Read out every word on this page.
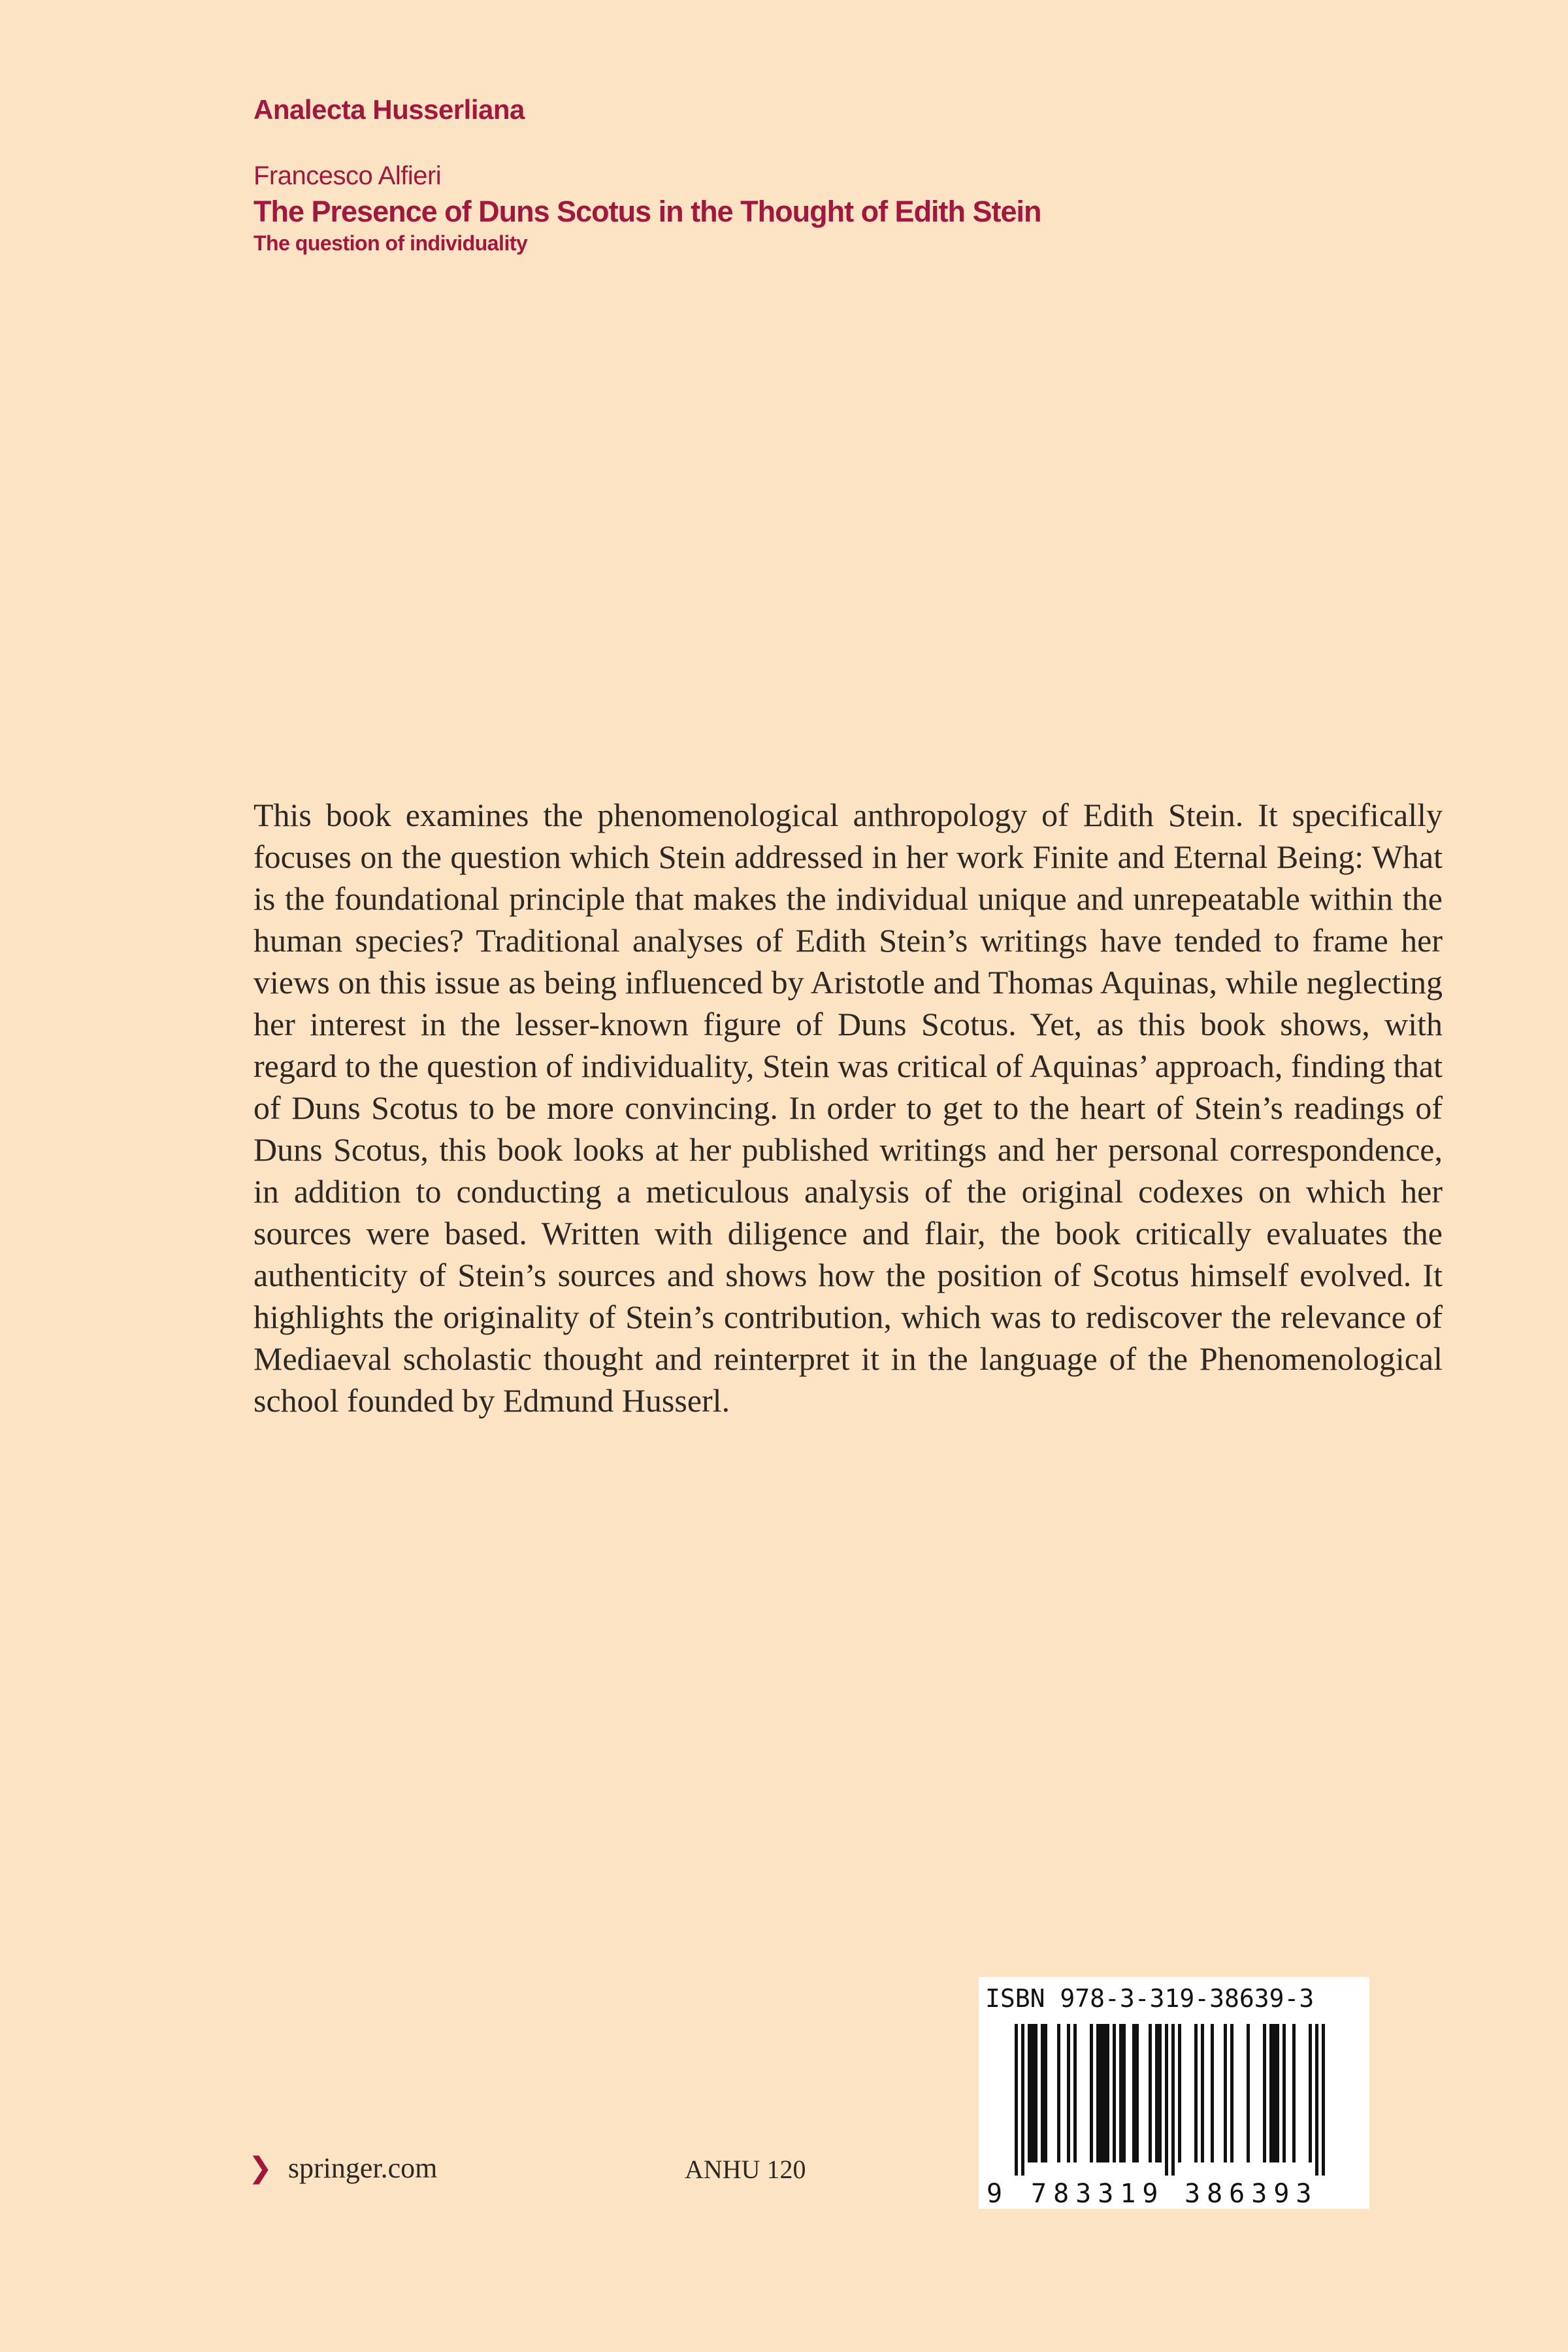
Analecta Husserliana

Francesco Alfieri

The Presence of Duns Scotus in the Thought of Edith Stein

The question of individuality

This book examines the phenomenological anthropology of Edith Stein. It specifically focuses on the question which Stein addressed in her work Finite and Eternal Being: What is the foundational principle that makes the individual unique and unrepeatable within the human species? Traditional analyses of Edith Stein’s writings have tended to frame her views on this issue as being influenced by Aristotle and Thomas Aquinas, while neglecting her interest in the lesser-known figure of Duns Scotus. Yet, as this book shows, with regard to the question of individuality, Stein was critical of Aquinas’ approach, finding that of Duns Scotus to be more convincing. In order to get to the heart of Stein’s readings of Duns Scotus, this book looks at her published writings and her personal correspondence, in addition to conducting a meticulous analysis of the original codexes on which her sources were based. Written with diligence and flair, the book critically evaluates the authenticity of Stein’s sources and shows how the position of Scotus himself evolved. It highlights the originality of Stein’s contribution, which was to rediscover the relevance of Mediaeval scholastic thought and reinterpret it in the language of the Phenomenological school founded by Edmund Husserl.

❯ springer.com	ANHU 120
ISBN 978-3-319-38639-3
9 783319 386393
